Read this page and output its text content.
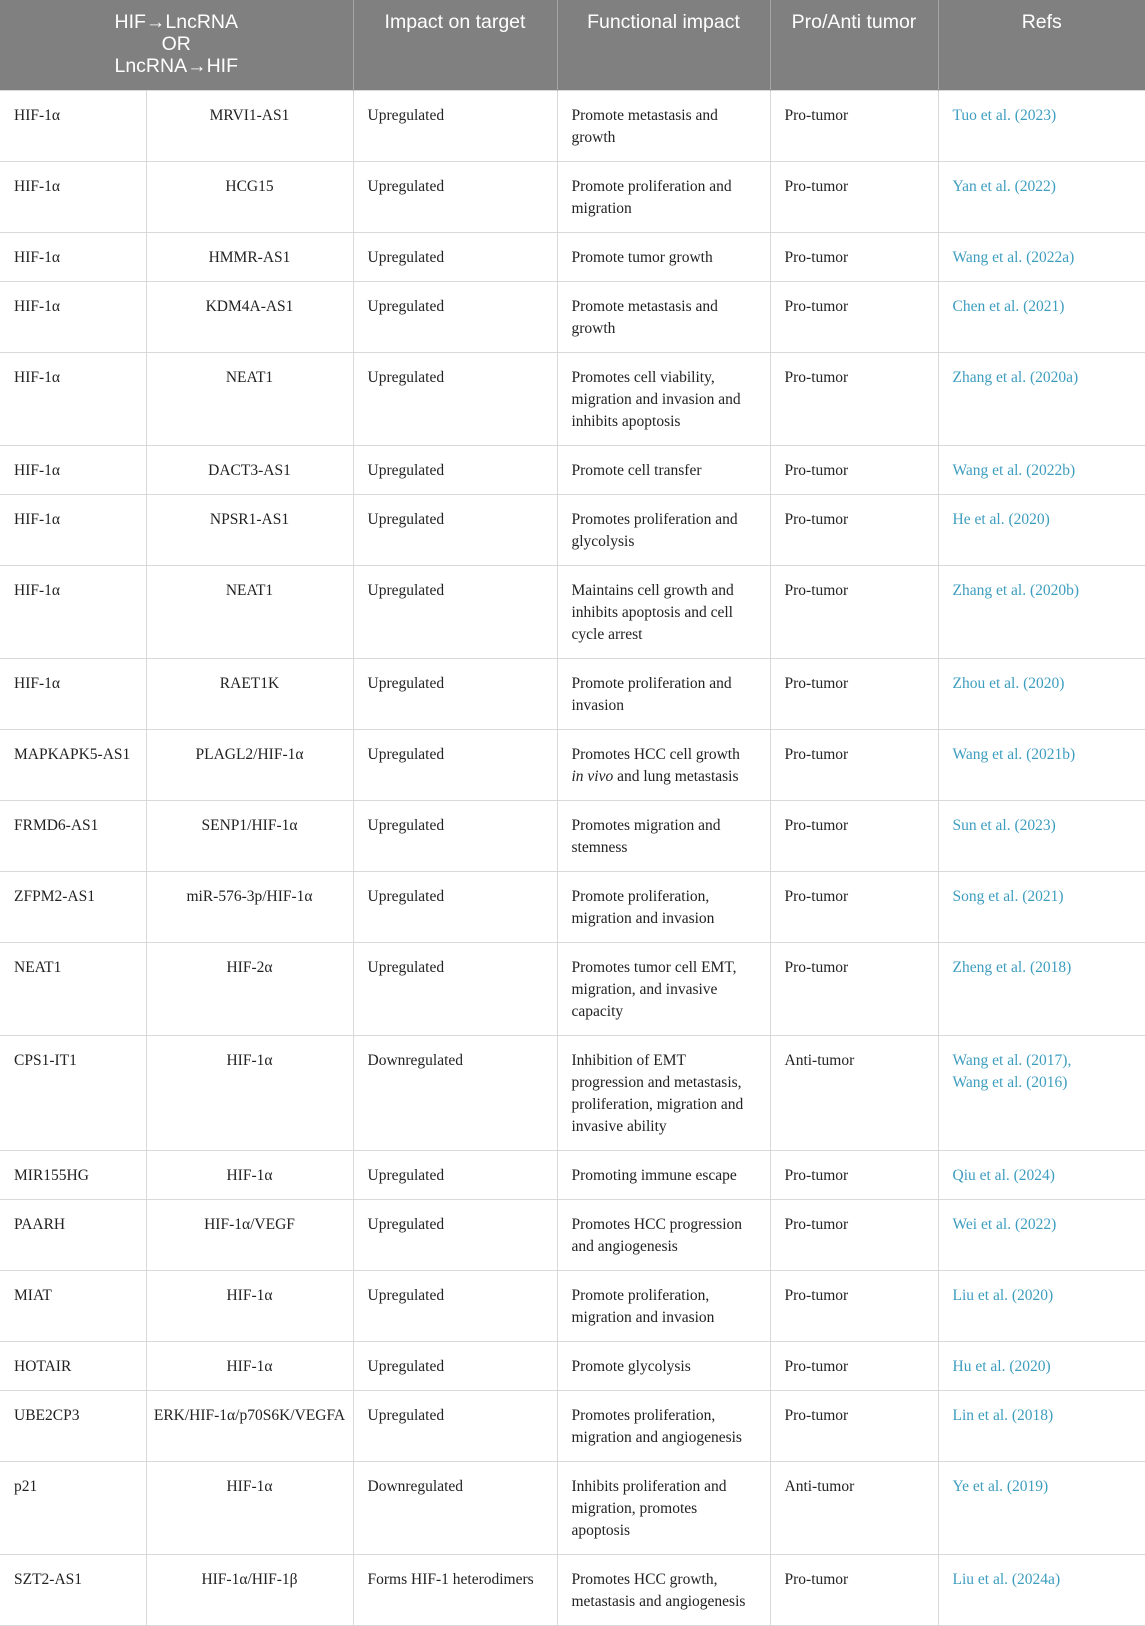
HIF→LncRNA
OR
LncRNA→HIF		Impact on target	Functional impact	Pro/Anti tumor	Refs
HIF-1α	MRVI1-AS1	Upregulated	Promote metastasis and growth	Pro-tumor	Tuo et al. (2023)

HIF-1α	HCG15	Upregulated	Promote proliferation and migration	Pro-tumor	Yan et al. (2022)

HIF-1α	HMMR-AS1	Upregulated	Promote tumor growth	Pro-tumor	Wang et al. (2022a)

HIF-1α	KDM4A-AS1	Upregulated	Promote metastasis and growth	Pro-tumor	Chen et al. (2021)

HIF-1α	NEAT1	Upregulated	Promotes cell viability, migration and invasion and inhibits apoptosis	Pro-tumor	Zhang et al. (2020a)

HIF-1α	DACT3-AS1	Upregulated	Promote cell transfer	Pro-tumor	Wang et al. (2022b)

HIF-1α	NPSR1-AS1	Upregulated	Promotes proliferation and glycolysis	Pro-tumor	He et al. (2020)

HIF-1α	NEAT1	Upregulated	Maintains cell growth and inhibits apoptosis and cell cycle arrest	Pro-tumor	Zhang et al. (2020b)

HIF-1α	RAET1K	Upregulated	Promote proliferation and invasion	Pro-tumor	Zhou et al. (2020)

MAPKAPK5-AS1	PLAGL2/HIF-1α	Upregulated	Promotes HCC cell growth in vivo and lung metastasis	Pro-tumor	Wang et al. (2021b)

FRMD6-AS1	SENP1/HIF-1α	Upregulated	Promotes migration and stemness	Pro-tumor	Sun et al. (2023)

ZFPM2-AS1	miR-576-3p/HIF-1α	Upregulated	Promote proliferation, migration and invasion	Pro-tumor	Song et al. (2021)

NEAT1	HIF-2α	Upregulated	Promotes tumor cell EMT, migration, and invasive capacity	Pro-tumor	Zheng et al. (2018)

CPS1-IT1	HIF-1α	Downregulated	Inhibition of EMT progression and metastasis, proliferation, migration and invasive ability	Anti-tumor	Wang et al. (2017),
Wang et al. (2016)

MIR155HG	HIF-1α	Upregulated	Promoting immune escape	Pro-tumor	Qiu et al. (2024)

PAARH	HIF-1α/VEGF	Upregulated	Promotes HCC progression and angiogenesis	Pro-tumor	Wei et al. (2022)

MIAT	HIF-1α	Upregulated	Promote proliferation, migration and invasion	Pro-tumor	Liu et al. (2020)

HOTAIR	HIF-1α	Upregulated	Promote glycolysis	Pro-tumor	Hu et al. (2020)

UBE2CP3	ERK/HIF-1α/p70S6K/VEGFA	Upregulated	Promotes proliferation, migration and angiogenesis	Pro-tumor	Lin et al. (2018)

p21	HIF-1α	Downregulated	Inhibits proliferation and migration, promotes apoptosis	Anti-tumor	Ye et al. (2019)

SZT2-AS1	HIF-1α/HIF-1β	Forms HIF-1 heterodimers	Promotes HCC growth, metastasis and angiogenesis	Pro-tumor	Liu et al. (2024a)
